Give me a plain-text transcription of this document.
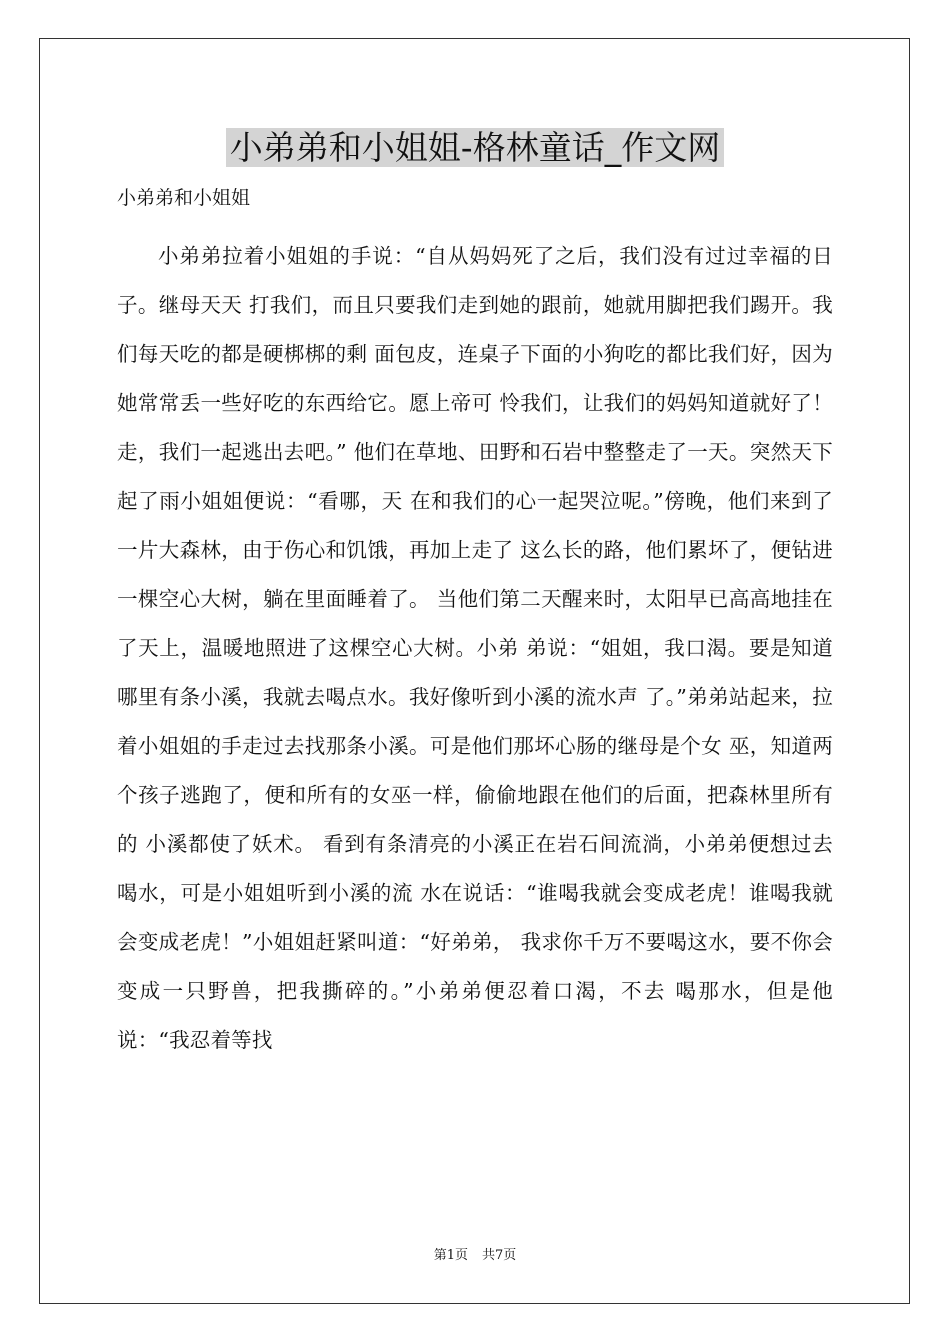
小弟弟和小姐姐-格林童话_作文网

小弟弟和小姐姐

小弟弟拉着小姐姐的手说：“自从妈妈死了之后，我们没有过过幸福的日子。继母天天 打我们，而且只要我们走到她的跟前，她就用脚把我们踢开。我们每天吃的都是硬梆梆的剩 面包皮，连桌子下面的小狗吃的都比我们好，因为她常常丢一些好吃的东西给它。愿上帝可 怜我们，让我们的妈妈知道就好了！走，我们一起逃出去吧。” 他们在草地、田野和石岩中整整走了一天。突然天下起了雨小姐姐便说：“看哪，天 在和我们的心一起哭泣呢。”傍晚，他们来到了一片大森林，由于伤心和饥饿，再加上走了 这么长的路，他们累坏了，便钻进一棵空心大树，躺在里面睡着了。 当他们第二天醒来时，太阳早已高高地挂在了天上，温暖地照进了这棵空心大树。小弟 弟说：“姐姐，我口渴。要是知道哪里有条小溪，我就去喝点水。我好像听到小溪的流水声 了。”弟弟站起来，拉着小姐姐的手走过去找那条小溪。可是他们那坏心肠的继母是个女 巫，知道两个孩子逃跑了，便和所有的女巫一样，偷偷地跟在他们的后面，把森林里所有的 小溪都使了妖术。 看到有条清亮的小溪正在岩石间流淌，小弟弟便想过去喝水，可是小姐姐听到小溪的流 水在说话：“谁喝我就会变成老虎！谁喝我就会变成老虎！”小姐姐赶紧叫道：“好弟弟， 我求你千万不要喝这水，要不你会变成一只野兽，把我撕碎的。”小弟弟便忍着口渴，不去 喝那水，但是他说：“我忍着等找

第1页 共7页
